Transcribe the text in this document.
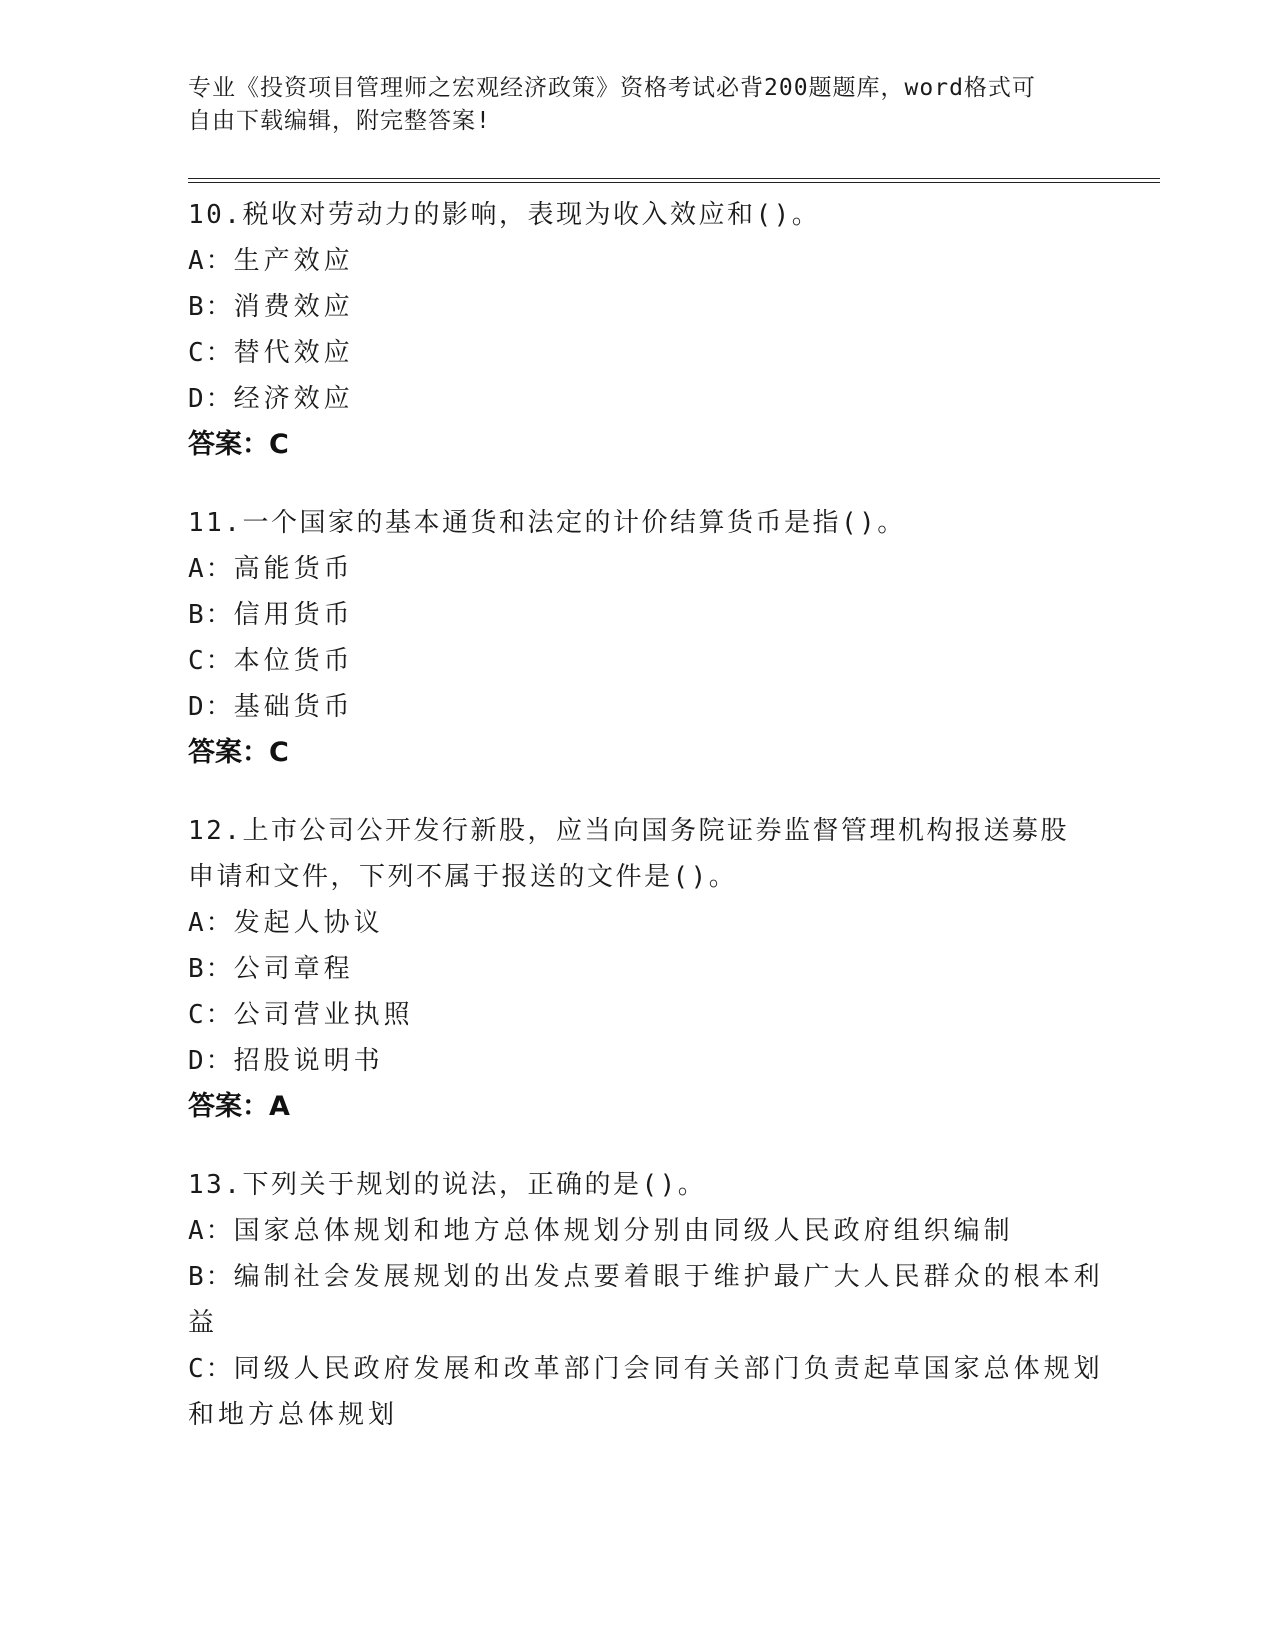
专业《投资项目管理师之宏观经济政策》资格考试必背200题题库，word格式可
自由下载编辑，附完整答案!
10.税收对劳动力的影响，表现为收入效应和()。
A：生产效应
B：消费效应
C：替代效应
D：经济效应
答案：C
11.一个国家的基本通货和法定的计价结算货币是指()。
A：高能货币
B：信用货币
C：本位货币
D：基础货币
答案：C
12.上市公司公开发行新股，应当向国务院证券监督管理机构报送募股
申请和文件，下列不属于报送的文件是()。
A：发起人协议
B：公司章程
C：公司营业执照
D：招股说明书
答案：A
13.下列关于规划的说法，正确的是()。
A：国家总体规划和地方总体规划分别由同级人民政府组织编制
B：编制社会发展规划的出发点要着眼于维护最广大人民群众的根本利
益
C：同级人民政府发展和改革部门会同有关部门负责起草国家总体规划
和地方总体规划
